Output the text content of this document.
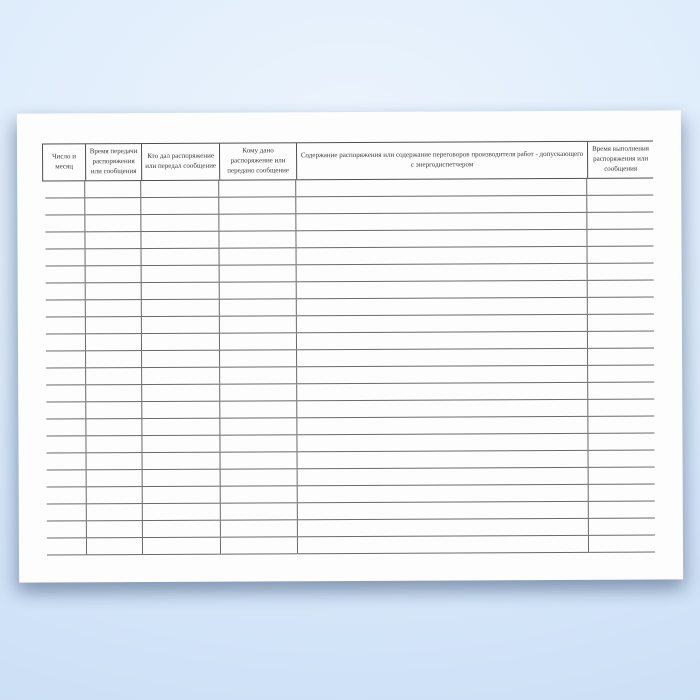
Число и месяц
Время передачи распоряжения или сообщения
Кто дал распоряжение или передал сообщение
Кому дано распоряжение или передано сообщение
Содержание распоряжения или содержание переговоров производителя работ - допускающего с энергодиспетчером
Время выполнения распоряжения или сообщения
